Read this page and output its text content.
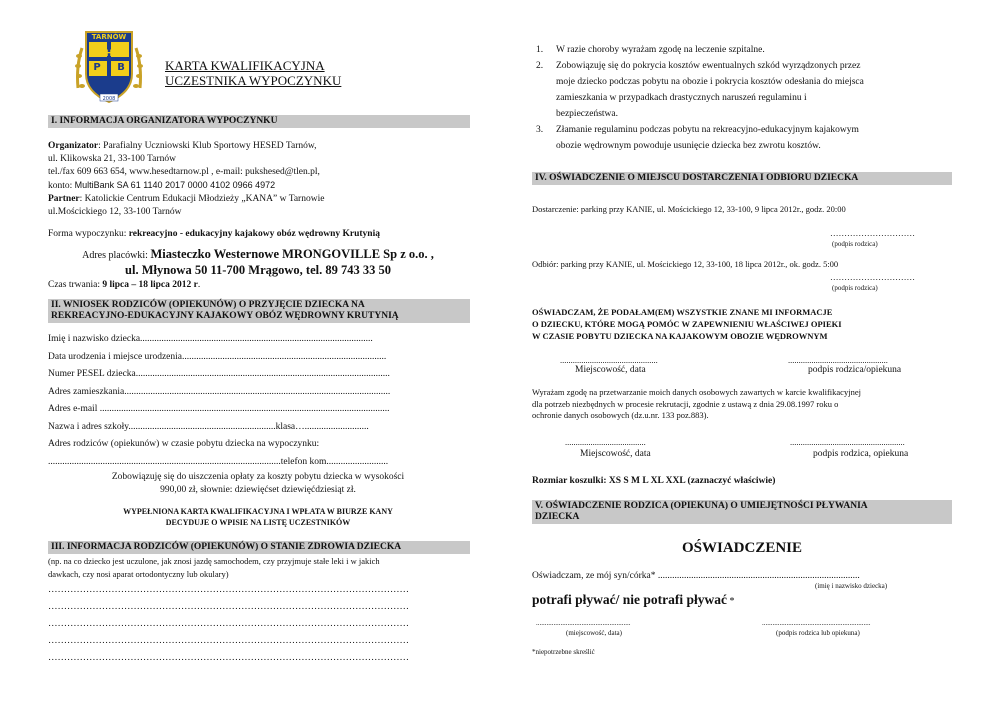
TARNÓW
P
H
B
2008
KARTA KWALIFIKACYJNA
UCZESTNIKA WYPOCZYNKU
I. INFORMACJA ORGANIZATORA WYPOCZYNKU
Organizator: Parafialny Uczniowski Klub Sportowy HESED Tarnów,
ul. Klikowska 21, 33-100 Tarnów
tel./fax 609 663 654, www.hesedtarnow.pl , e-mail: pukshesed@tlen.pl,
konto: MultiBank SA 61 1140 2017 0000 4102 0966 4972
Partner: Katolickie Centrum Edukacji Młodzieży „KANA” w Tarnowie
ul.Mościckiego 12, 33-100 Tarnów
Forma wypoczynku: rekreacyjno - edukacyjny kajakowy obóz wędrowny Krutynią
Adres placówki: Miasteczko Westernowe MRONGOVILLE Sp z o.o. ,
ul. Młynowa 50 11-700 Mrągowo, tel. 89 743 33 50
Czas trwania: 9 lipca – 18 lipca 2012 r.
II. WNIOSEK RODZICÓW (OPIEKUNÓW) O PRZYJĘCIE DZIECKA NA
REKREACYJNO-EDUKACYJNY KAJAKOWY OBÓZ WĘDROWNY KRUTYNIĄ
Imię i nazwisko dziecka..................................................................................................
Data urodzenia i miejsce urodzenia......................................................................................
Numer PESEL dziecka...........................................................................................................
Adres zamieszkania................................................................................................................
Adres e-mail ..........................................................................................................................
Nazwa i adres szkoły..............................................................klasa…...........................
Adres rodziców (opiekunów) w czasie pobytu dziecka na wypoczynku:
..................................................................................................telefon kom..........................
Zobowiązuję się do uiszczenia opłaty za koszty pobytu dziecka w wysokości
990,00 zł, słownie: dziewięćset dziewięćdziesiąt zł.
WYPEŁNIONA KARTA KWALIFIKACYJNA I WPŁATA W BIURZE KANY
DECYDUJE O WPISIE NA LISTĘ UCZESTNIKÓW
III. INFORMACJA RODZICÓW (OPIEKUNÓW) O STANIE ZDROWIA DZIECKA
(np. na co dziecko jest uczulone, jak znosi jazdę samochodem, czy przyjmuje stałe leki i w jakich
dawkach, czy nosi aparat ortodontyczny lub okulary)
……………………………………………………………………………………………………
……………………………………………………………………………………………………
……………………………………………………………………………………………………
……………………………………………………………………………………………………
……………………………………………………………………………………………………
1. W razie choroby wyrażam zgodę na leczenie szpitalne.
2. Zobowiązuję się do pokrycia kosztów ewentualnych szkód wyrządzonych przez
moje dziecko podczas pobytu na obozie i pokrycia kosztów odesłania do miejsca
zamieszkania w przypadkach drastycznych naruszeń regulaminu i
bezpieczeństwa.
3. Złamanie regulaminu podczas pobytu na rekreacyjno-edukacyjnym kajakowym
obozie wędrownym powoduje usunięcie dziecka bez zwrotu kosztów.
IV. OŚWIADCZENIE O MIEJSCU DOSTARCZENIA I ODBIORU DZIECKA
Dostarczenie: parking przy KANIE, ul. Mościckiego 12, 33-100, 9 lipca 2012r., godz. 20:00
…………………………
(podpis rodzica)
Odbiór: parking przy KANIE, ul. Mościckiego 12, 33-100, 18 lipca 2012r., ok. godz. 5:00
…………………………
(podpis rodzica)
OŚWIADCZAM, ŻE PODAŁAM(EM) WSZYSTKIE ZNANE MI INFORMACJE
O DZIECKU, KTÓRE MOGĄ POMÓC W ZAPEWNIENIU WŁAŚCIWEJ OPIEKI
W CZASIE POBYTU DZIECKA NA KAJAKOWYM OBOZIE WĘDROWNYM
..............................................	...............................................
Miejscowość, data	podpis rodzica/opiekuna
Wyrażam zgodę na przetwarzanie moich danych osobowych zawartych w karcie kwalifikacyjnej
dla potrzeb niezbędnych w procesie rekrutacji, zgodnie z ustawą z dnia 29.08.1997 roku o
ochronie danych osobowych (dz.u.nr. 133 poz.883).
......................................	......................................................
Miejscowość, data	podpis rodzica, opiekuna
Rozmiar koszulki: XS S M L XL XXL (zaznaczyć właściwie)
V. OŚWIADCZENIE RODZICA (OPIEKUNA) O UMIEJĘTNOŚCI PŁYWANIA
DZIECKA
OŚWIADCZENIE
Oświadczam, ze mój syn/córka* .....................................................................................
(imię i nazwisko dziecka)
potrafi pływać/ nie potrafi pływać *
......................................................	..............................................................
(miejscowość, data)	(podpis rodzica lub opiekuna)
*niepotrzebne skreślić
